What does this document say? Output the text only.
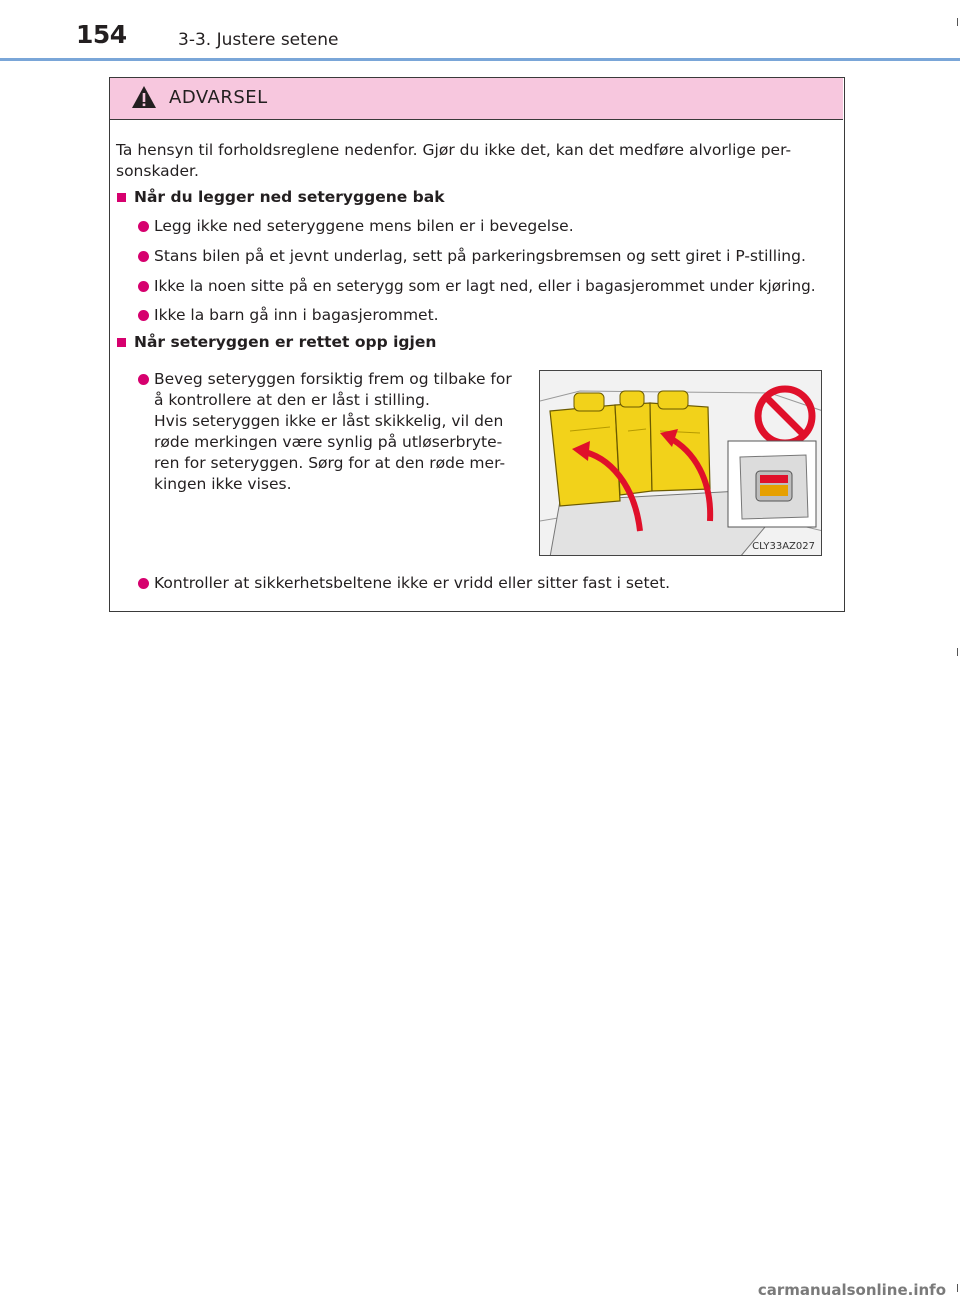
154	3-3. Justere setene
ADVARSEL
Ta hensyn til forholdsreglene nedenfor. Gjør du ikke det, kan det medføre alvorlige per-
sonskader.
Når du legger ned seteryggene bak
Legg ikke ned seteryggene mens bilen er i bevegelse.
Stans bilen på et jevnt underlag, sett på parkeringsbremsen og sett giret i P-stilling.
Ikke la noen sitte på en seterygg som er lagt ned, eller i bagasjerommet under kjøring.
Ikke la barn gå inn i bagasjerommet.
Når seteryggen er rettet opp igjen
Beveg seteryggen forsiktig frem og tilbake for
å kontrollere at den er låst i stilling.
Hvis seteryggen ikke er låst skikkelig, vil den
røde merkingen være synlig på utløserbryte-
ren for seteryggen. Sørg for at den røde mer-
kingen ikke vises.
CLY33AZ027
Kontroller at sikkerhetsbeltene ikke er vridd eller sitter fast i setet.
carmanualsonline.info
